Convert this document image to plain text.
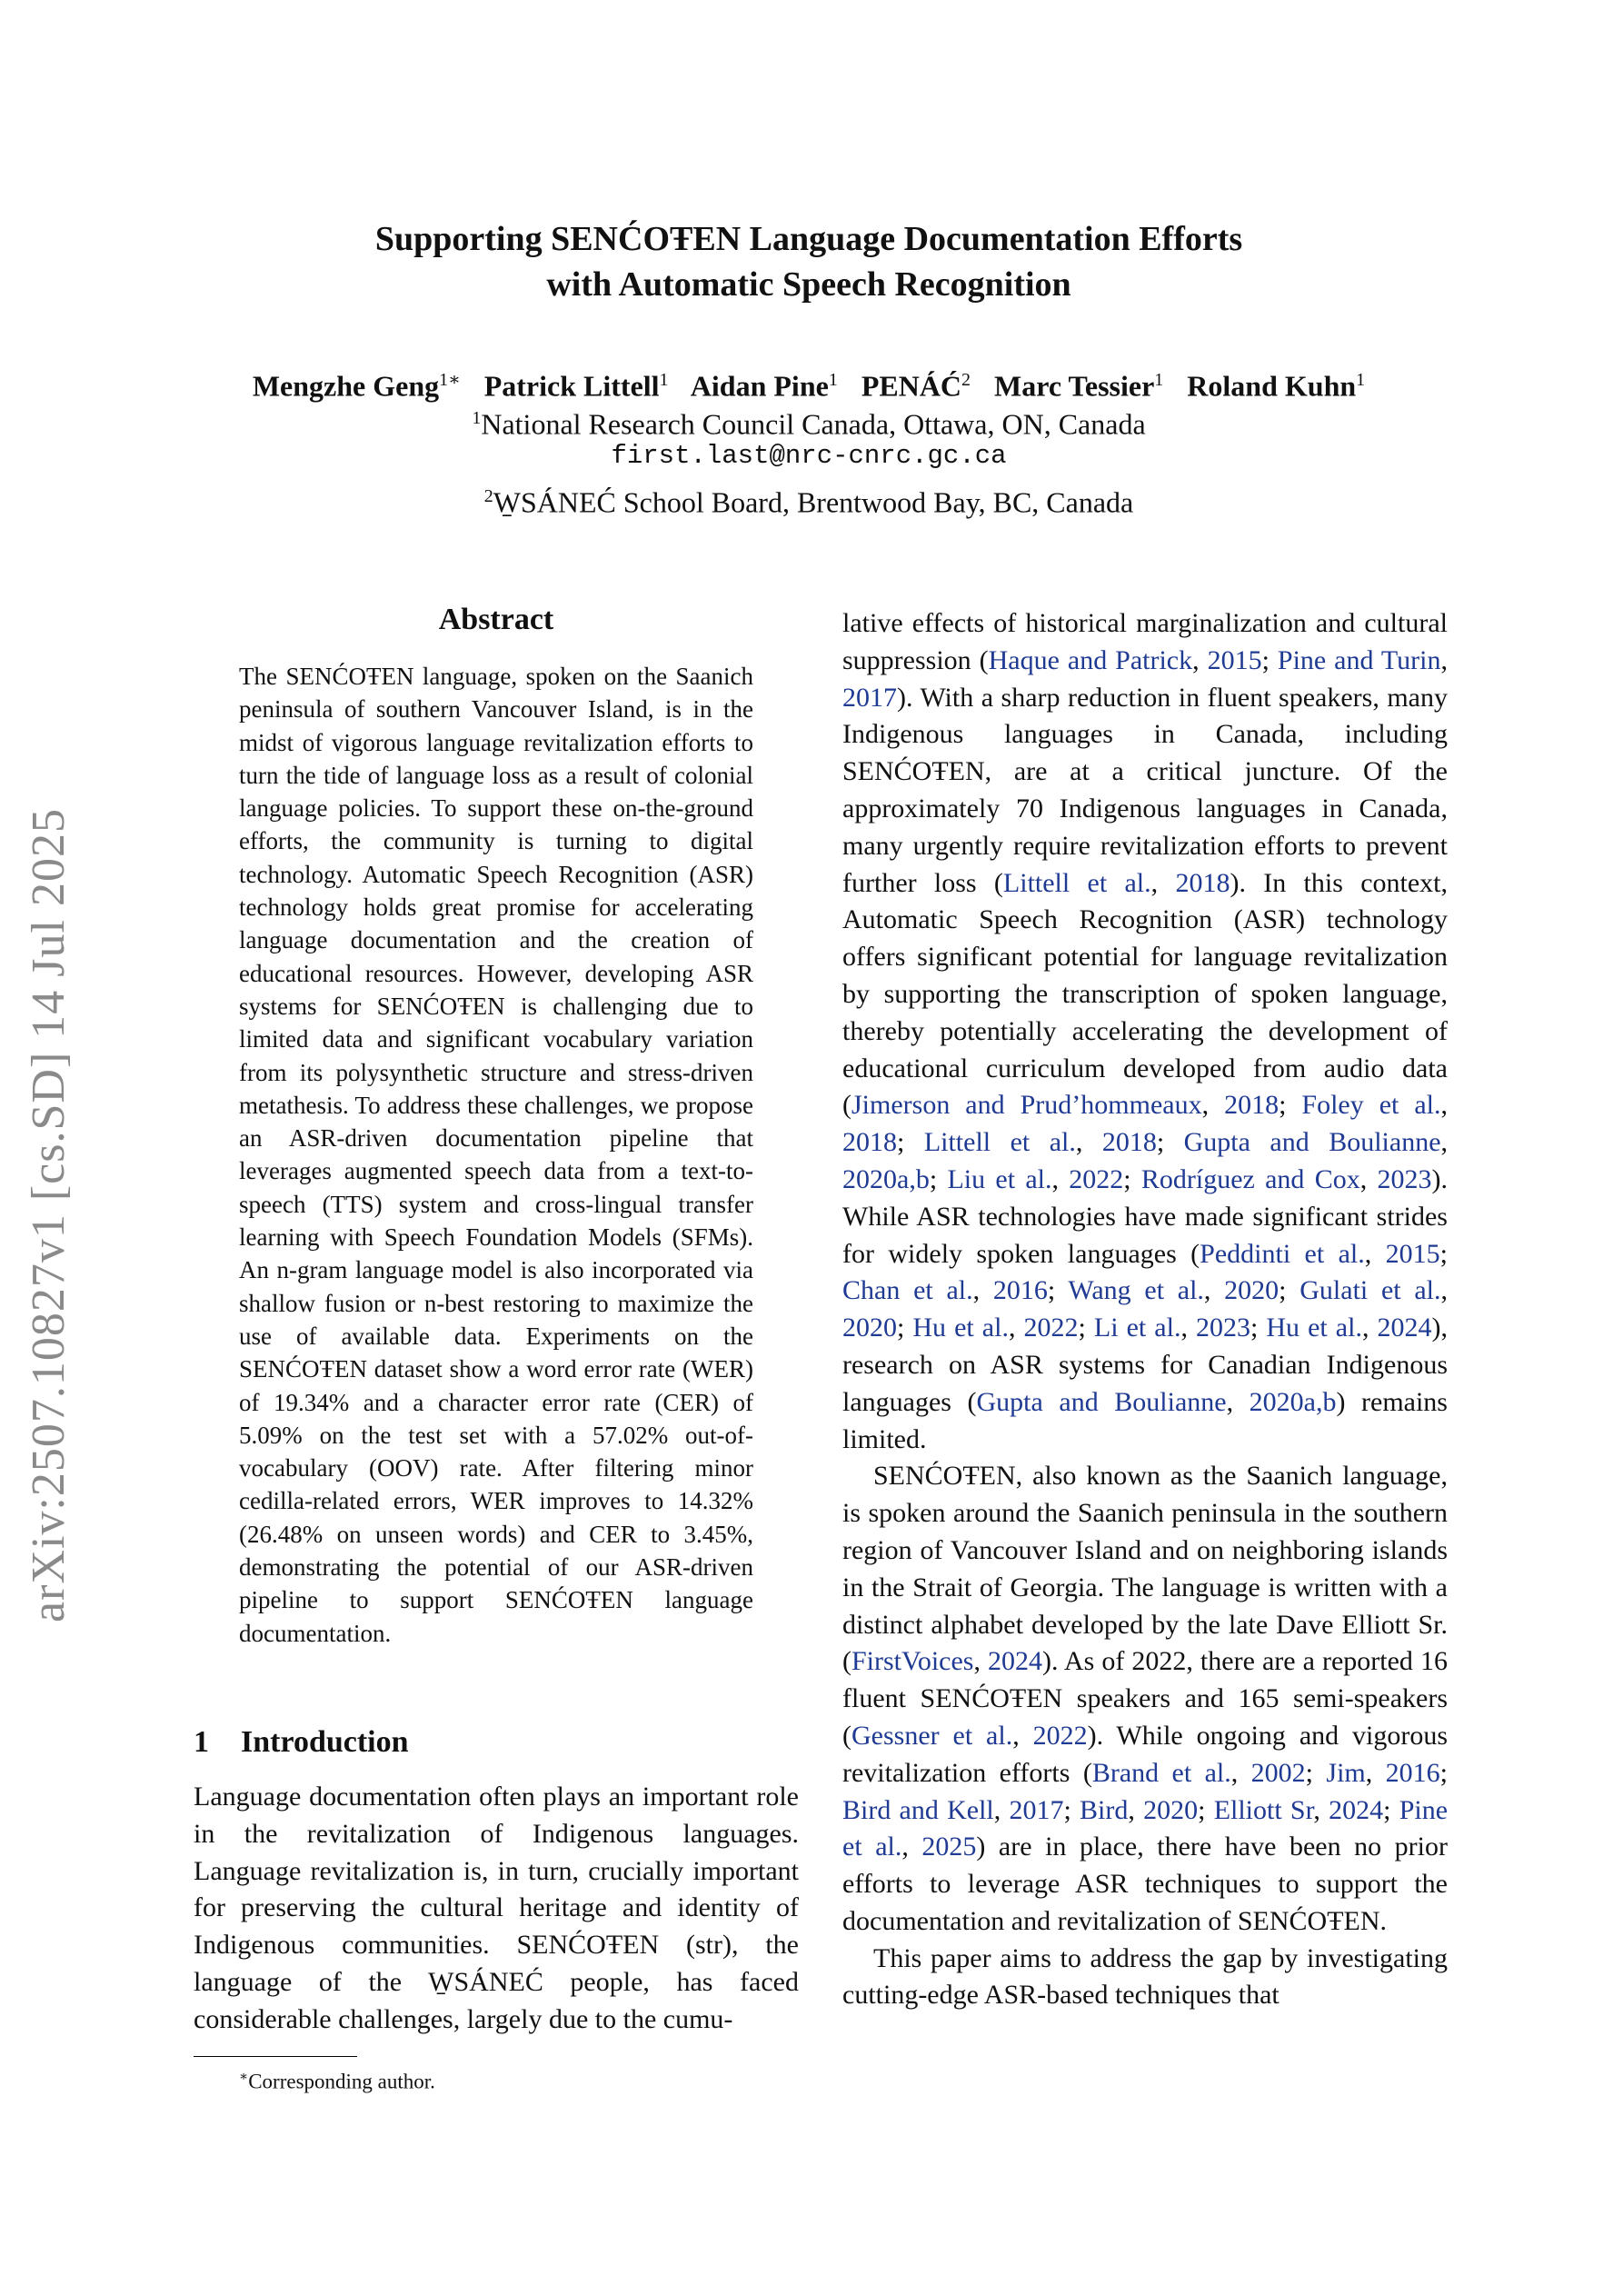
arXiv:2507.10827v1 [cs.SD] 14 Jul 2025
Supporting SENĆOŦEN Language Documentation Efforts
with Automatic Speech Recognition
Mengzhe Geng$^{1∗}$ Patrick Littell$^1$ Aidan Pine$^1$ PENÁĆ$^2$ Marc Tessier$^1$ Roland Kuhn$^1$
$^1$National Research Council Canada, Ottawa, ON, Canada
first.last@nrc-cnrc.gc.ca
$^2$W̱SÁNEĆ School Board, Brentwood Bay, BC, Canada
Abstract

The SENĆOŦEN language, spoken on the Saanich peninsula of southern Vancouver Island, is in the midst of vigorous language revitalization efforts to turn the tide of language loss as a result of colonial language policies. To support these on-the-ground efforts, the community is turning to digital technology. Automatic Speech Recognition (ASR) technology holds great promise for accelerating language documentation and the creation of educational resources. However, developing ASR systems for SENĆOŦEN is challenging due to limited data and significant vocabulary variation from its polysynthetic structure and stress-driven metathesis. To address these challenges, we propose an ASR-driven documentation pipeline that leverages augmented speech data from a text-to-speech (TTS) system and cross-lingual transfer learning with Speech Foundation Models (SFMs). An n-gram language model is also incorporated via shallow fusion or n-best restoring to maximize the use of available data. Experiments on the SENĆOŦEN dataset show a word error rate (WER) of 19.34% and a character error rate (CER) of 5.09% on the test set with a 57.02% out-of-vocabulary (OOV) rate. After filtering minor cedilla-related errors, WER improves to 14.32% (26.48% on unseen words) and CER to 3.45%, demonstrating the potential of our ASR-driven pipeline to support SENĆOŦEN language documentation.

1 Introduction

Language documentation often plays an important role in the revitalization of Indigenous languages. Language revitalization is, in turn, crucially important for preserving the cultural heritage and identity of Indigenous communities. SENĆOŦEN (str), the language of the W̱SÁNEĆ people, has faced considerable challenges, largely due to the cumu-

∗Corresponding author.

lative effects of historical marginalization and cultural suppression (Haque and Patrick, 2015; Pine and Turin, 2017). With a sharp reduction in fluent speakers, many Indigenous languages in Canada, including SENĆOŦEN, are at a critical juncture. Of the approximately 70 Indigenous languages in Canada, many urgently require revitalization efforts to prevent further loss (Littell et al., 2018). In this context, Automatic Speech Recognition (ASR) technology offers significant potential for language revitalization by supporting the transcription of spoken language, thereby potentially accelerating the development of educational curriculum developed from audio data (Jimerson and Prud’hommeaux, 2018; Foley et al., 2018; Littell et al., 2018; Gupta and Boulianne, 2020a,b; Liu et al., 2022; Rodríguez and Cox, 2023). While ASR technologies have made significant strides for widely spoken languages (Peddinti et al., 2015; Chan et al., 2016; Wang et al., 2020; Gulati et al., 2020; Hu et al., 2022; Li et al., 2023; Hu et al., 2024), research on ASR systems for Canadian Indigenous languages (Gupta and Boulianne, 2020a,b) remains limited.

SENĆOŦEN, also known as the Saanich language, is spoken around the Saanich peninsula in the southern region of Vancouver Island and on neighboring islands in the Strait of Georgia. The language is written with a distinct alphabet developed by the late Dave Elliott Sr. (FirstVoices, 2024). As of 2022, there are a reported 16 fluent SENĆOŦEN speakers and 165 semi-speakers (Gessner et al., 2022). While ongoing and vigorous revitalization efforts (Brand et al., 2002; Jim, 2016; Bird and Kell, 2017; Bird, 2020; Elliott Sr, 2024; Pine et al., 2025) are in place, there have been no prior efforts to leverage ASR techniques to support the documentation and revitalization of SENĆOŦEN.

This paper aims to address the gap by investigating cutting-edge ASR-based techniques that
